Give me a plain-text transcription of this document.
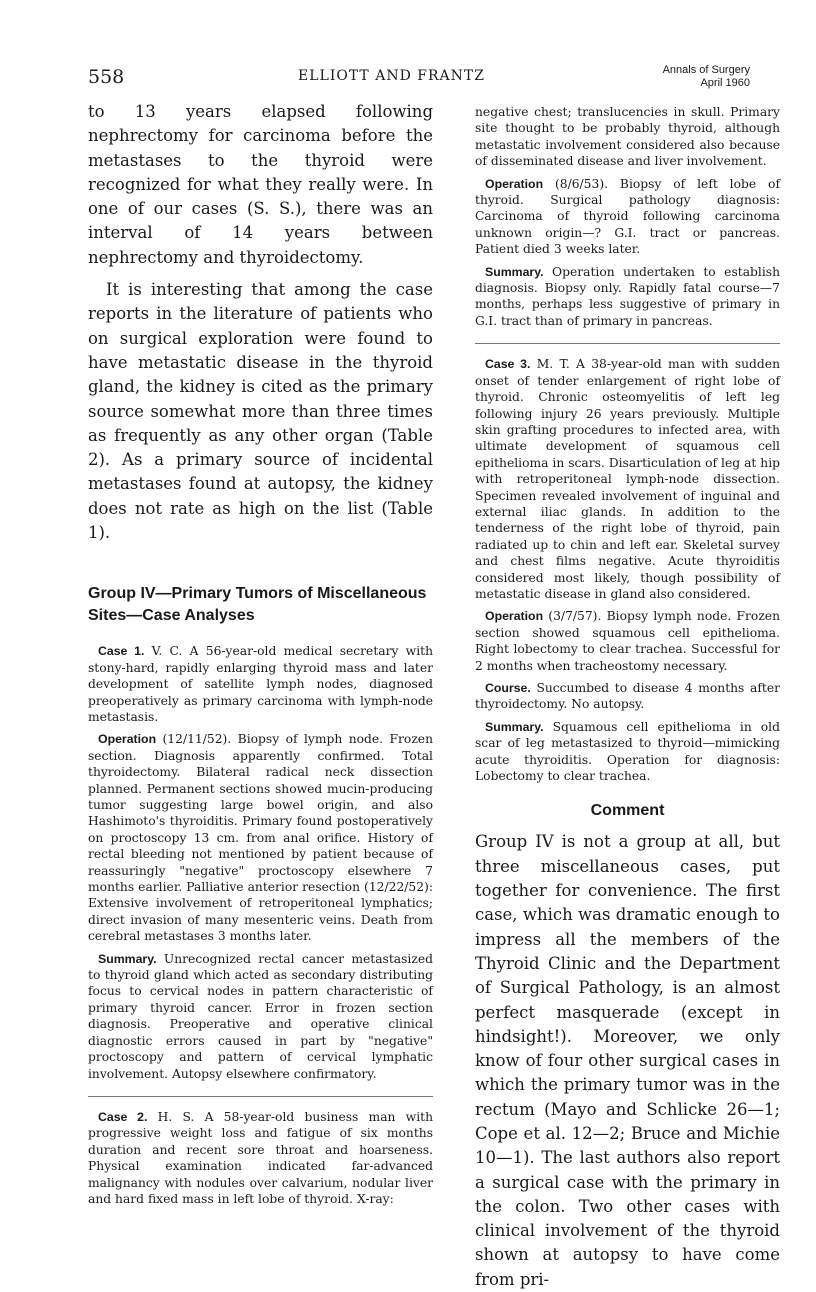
558	ELLIOTT AND FRANTZ	Annals of Surgery
April 1960

to 13 years elapsed following nephrectomy for carcinoma before the metastases to the thyroid were recognized for what they really were. In one of our cases (S. S.), there was an interval of 14 years between nephrectomy and thyroidectomy.

It is interesting that among the case reports in the literature of patients who on surgical exploration were found to have metastatic disease in the thyroid gland, the kidney is cited as the primary source somewhat more than three times as frequently as any other organ (Table 2). As a primary source of incidental metastases found at autopsy, the kidney does not rate as high on the list (Table 1).

Group IV—Primary Tumors of Miscellaneous Sites—Case Analyses

Case 1. V. C. A 56-year-old medical secretary with stony-hard, rapidly enlarging thyroid mass and later development of satellite lymph nodes, diagnosed preoperatively as primary carcinoma with lymph-node metastasis.

Operation (12/11/52). Biopsy of lymph node. Frozen section. Diagnosis apparently confirmed. Total thyroidectomy. Bilateral radical neck dissection planned. Permanent sections showed mucin-producing tumor suggesting large bowel origin, and also Hashimoto's thyroiditis. Primary found postoperatively on proctoscopy 13 cm. from anal orifice. History of rectal bleeding not mentioned by patient because of reassuringly "negative" proctoscopy elsewhere 7 months earlier. Palliative anterior resection (12/22/52): Extensive involvement of retroperitoneal lymphatics; direct invasion of many mesenteric veins. Death from cerebral metastases 3 months later.

Summary. Unrecognized rectal cancer metastasized to thyroid gland which acted as secondary distributing focus to cervical nodes in pattern characteristic of primary thyroid cancer. Error in frozen section diagnosis. Preoperative and operative clinical diagnostic errors caused in part by "negative" proctoscopy and pattern of cervical lymphatic involvement. Autopsy elsewhere confirmatory.

Case 2. H. S. A 58-year-old business man with progressive weight loss and fatigue of six months duration and recent sore throat and hoarseness. Physical examination indicated far-advanced malignancy with nodules over calvarium, nodular liver and hard fixed mass in left lobe of thyroid. X-ray:

negative chest; translucencies in skull. Primary site thought to be probably thyroid, although metastatic involvement considered also because of disseminated disease and liver involvement.

Operation (8/6/53). Biopsy of left lobe of thyroid. Surgical pathology diagnosis: Carcinoma of thyroid following carcinoma unknown origin—? G.I. tract or pancreas. Patient died 3 weeks later.

Summary. Operation undertaken to establish diagnosis. Biopsy only. Rapidly fatal course—7 months, perhaps less suggestive of primary in G.I. tract than of primary in pancreas.

Case 3. M. T. A 38-year-old man with sudden onset of tender enlargement of right lobe of thyroid. Chronic osteomyelitis of left leg following injury 26 years previously. Multiple skin grafting procedures to infected area, with ultimate development of squamous cell epithelioma in scars. Disarticulation of leg at hip with retroperitoneal lymph-node dissection. Specimen revealed involvement of inguinal and external iliac glands. In addition to the tenderness of the right lobe of thyroid, pain radiated up to chin and left ear. Skeletal survey and chest films negative. Acute thyroiditis considered most likely, though possibility of metastatic disease in gland also considered.

Operation (3/7/57). Biopsy lymph node. Frozen section showed squamous cell epithelioma. Right lobectomy to clear trachea. Successful for 2 months when tracheostomy necessary.

Course. Succumbed to disease 4 months after thyroidectomy. No autopsy.

Summary. Squamous cell epithelioma in old scar of leg metastasized to thyroid—mimicking acute thyroiditis. Operation for diagnosis: Lobectomy to clear trachea.

Comment

Group IV is not a group at all, but three miscellaneous cases, put together for convenience. The first case, which was dramatic enough to impress all the members of the Thyroid Clinic and the Department of Surgical Pathology, is an almost perfect masquerade (except in hindsight!). Moreover, we only know of four other surgical cases in which the primary tumor was in the rectum (Mayo and Schlicke 26—1; Cope et al. 12—2; Bruce and Michie 10—1). The last authors also report a surgical case with the primary in the colon. Two other cases with clinical involvement of the thyroid shown at autopsy to have come from pri-
